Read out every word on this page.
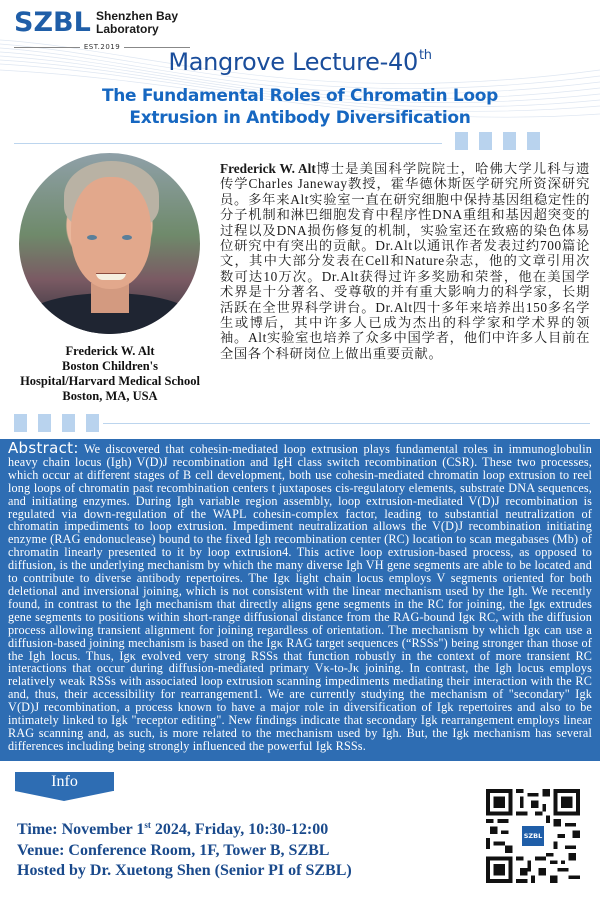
SZBL Shenzhen Bay
Laboratory
EST.2019
Mangrove Lecture-40th
The Fundamental Roles of Chromatin Loop
Extrusion in Antibody Diversification
Frederick W. Alt
Boston Children's
Hospital/Harvard Medical School
Boston, MA, USA
Frederick W. Alt博士是美国科学院院士，哈佛大学儿科与遗传学Charles Janeway教授，霍华德休斯医学研究所资深研究员。多年来Alt实验室一直在研究细胞中保持基因组稳定性的分子机制和淋巴细胞发育中程序性DNA重组和基因超突变的过程以及DNA损伤修复的机制，实验室还在致癌的染色体易位研究中有突出的贡献。Dr.Alt以通讯作者发表过约700篇论文，其中大部分发表在Cell和Nature杂志，他的文章引用次数可达10万次。Dr.Alt获得过许多奖励和荣誉，他在美国学术界是十分著名、受尊敬的并有重大影响力的科学家，长期活跃在全世界科学讲台。Dr.Alt四十多年来培养出150多名学生或博后，其中许多人已成为杰出的科学家和学术界的领袖。Alt实验室也培养了众多中国学者，他们中许多人目前在全国各个科研岗位上做出重要贡献。

Abstract: We discovered that cohesin-mediated loop extrusion plays fundamental roles in immunoglobulin heavy chain locus (Igh) V(D)J recombination and IgH class switch recombination (CSR). These two processes, which occur at different stages of B cell development, both use cohesin-mediated chromatin loop extrusion to reel long loops of chromatin past recombination centers t juxtaposes cis-regulatory elements, substrate DNA sequences, and initiating enzymes. During Igh variable region assembly, loop extrusion-mediated V(D)J recombination is regulated via down-regulation of the WAPL cohesin-complex factor, leading to substantial neutralization of chromatin impediments to loop extrusion. Impediment neutralization allows the V(D)J recombination initiating enzyme (RAG endonuclease) bound to the fixed Igh recombination center (RC) location to scan megabases (Mb) of chromatin linearly presented to it by loop extrusion4. This active loop extrusion-based process, as opposed to diffusion, is the underlying mechanism by which the many diverse Igh VH gene segments are able to be located and to contribute to diverse antibody repertoires. The Igκ light chain locus employs V segments oriented for both deletional and inversional joining, which is not consistent with the linear mechanism used by the Igh. We recently found, in contrast to the Igh mechanism that directly aligns gene segments in the RC for joining, the Igκ extrudes gene segments to positions within short-range diffusional distance from the RAG-bound Igκ RC, with the diffusion process allowing transient alignment for joining regardless of orientation. The mechanism by which Igκ can use a diffusion-based joining mechanism is based on the Igκ RAG target sequences (“RSSs") being stronger than those of the Igh locus. Thus, Igκ evolved very strong RSSs that function robustly in the context of more transient RC interactions that occur during diffusion-mediated primary Vκ-to-Jκ joining. In contrast, the Igh locus employs relatively weak RSSs with associated loop extrusion scanning impediments mediating their interaction with the RC and, thus, their accessibility for rearrangement1. We are currently studying the mechanism of "secondary" Igk V(D)J recombination, a process known to have a major role in diversification of Igk repertoires and also to be intimately linked to Igk "receptor editing". New findings indicate that secondary Igk rearrangement employs linear RAG scanning and, as such, is more related to the mechanism used by Igh. But, the Igk mechanism has several differences including being strongly influenced the powerful Igk RSSs.

Info
Time: November 1st 2024, Friday, 10:30-12:00
Venue: Conference Room, 1F, Tower B, SZBL
Hosted by Dr. Xuetong Shen (Senior PI of SZBL)
SZBL
